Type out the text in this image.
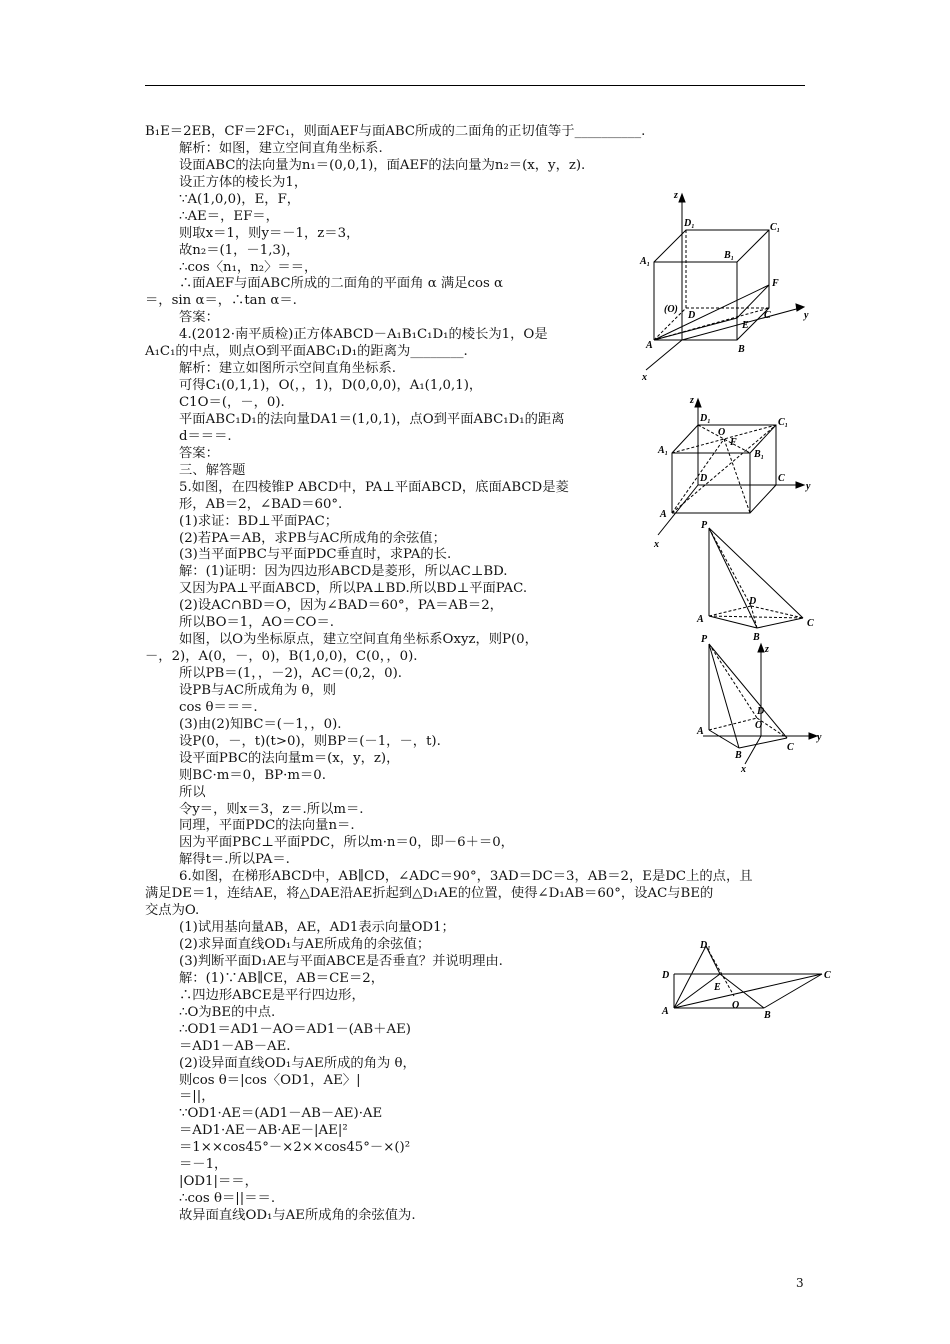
B₁E＝2EB，CF＝2FC₁，则面AEF与面ABC所成的二面角的正切值等于__________.
解析：如图，建立空间直角坐标系.
设面ABC的法向量为n₁＝(0,0,1)，面AEF的法向量为n₂＝(x，y，z).
设正方体的棱长为1，
∵A(1,0,0)，E，F，
∴AE＝，EF＝，
则取x＝1，则y＝－1，z＝3，
故n₂＝(1，－1,3)，
∴cos〈n₁，n₂〉＝＝，
∴面AEF与面ABC所成的二面角的平面角 α 满足cos α
＝，sin α＝，∴tan α＝.
答案：
4.(2012·南平质检)正方体ABCD－A₁B₁C₁D₁的棱长为1，O是
A₁C₁的中点，则点O到平面ABC₁D₁的距离为________.
解析：建立如图所示空间直角坐标系.
可得C₁(0,1,1)，O(，，1)，D(0,0,0)，A₁(1,0,1)，
C1O＝(，－，0).
平面ABC₁D₁的法向量DA1＝(1,0,1)，点O到平面ABC₁D₁的距离
d＝＝＝.
答案：
三、解答题
5.如图，在四棱锥P ABCD中，PA⊥平面ABCD，底面ABCD是菱
形，AB＝2，∠BAD＝60°.
(1)求证：BD⊥平面PAC；
(2)若PA＝AB，求PB与AC所成角的余弦值；
(3)当平面PBC与平面PDC垂直时，求PA的长.
解：(1)证明：因为四边形ABCD是菱形，所以AC⊥BD.
又因为PA⊥平面ABCD，所以PA⊥BD.所以BD⊥平面PAC.
(2)设AC∩BD＝O，因为∠BAD＝60°，PA＝AB＝2，
所以BO＝1，AO＝CO＝.
如图，以O为坐标原点，建立空间直角坐标系Oxyz，则P(0，
－，2)，A(0，－，0)，B(1,0,0)，C(0，，0).
所以PB＝(1，，－2)，AC＝(0,2，0).
设PB与AC所成角为 θ，则
cos θ＝＝＝.
(3)由(2)知BC＝(－1，，0).
设P(0，－，t)(t>0)，则BP＝(－1，－，t).
设平面PBC的法向量m＝(x，y，z)，
则BC·m＝0，BP·m＝0.
所以
令y＝，则x＝3，z＝.所以m＝.
同理，平面PDC的法向量n＝.
因为平面PBC⊥平面PDC，所以m·n＝0，即－6＋＝0，
解得t＝.所以PA＝.
6.如图，在梯形ABCD中，AB∥CD，∠ADC＝90°，3AD＝DC＝3，AB＝2，E是DC上的点，且
满足DE＝1，连结AE，将△DAE沿AE折起到△D₁AE的位置，使得∠D₁AB＝60°，设AC与BE的
交点为O.
(1)试用基向量AB，AE，AD1表示向量OD1；
(2)求异面直线OD₁与AE所成角的余弦值；
(3)判断平面D₁AE与平面ABCE是否垂直？并说明理由.
解：(1)∵AB∥CE，AB＝CE＝2，
∴四边形ABCE是平行四边形，
∴O为BE的中点.
∴OD1＝AD1－AO＝AD1－(AB＋AE)
＝AD1－AB－AE.
(2)设异面直线OD₁与AE所成的角为 θ，
则cos θ＝|cos〈OD1，AE〉|
＝||，
∵OD1·AE＝(AD1－AB－AE)·AE
＝AD1·AE－AB·AE－|AE|²
＝1××cos45°－×2××cos45°－×()²
＝－1，
|OD1|＝＝，
∴cos θ＝||＝＝.
故异面直线OD₁与AE所成角的余弦值为.
z
D₁	C₁
A₁
B₁
F
(O)
D
E
C	y
A	B
x
z
D₁
O
C₁
F
A₁	B₁
D	C
y
A
x
P
D
A
B
C
P
z
D
O
A
B
C
y
x
D₁
D
E
C
O
A	B
3
